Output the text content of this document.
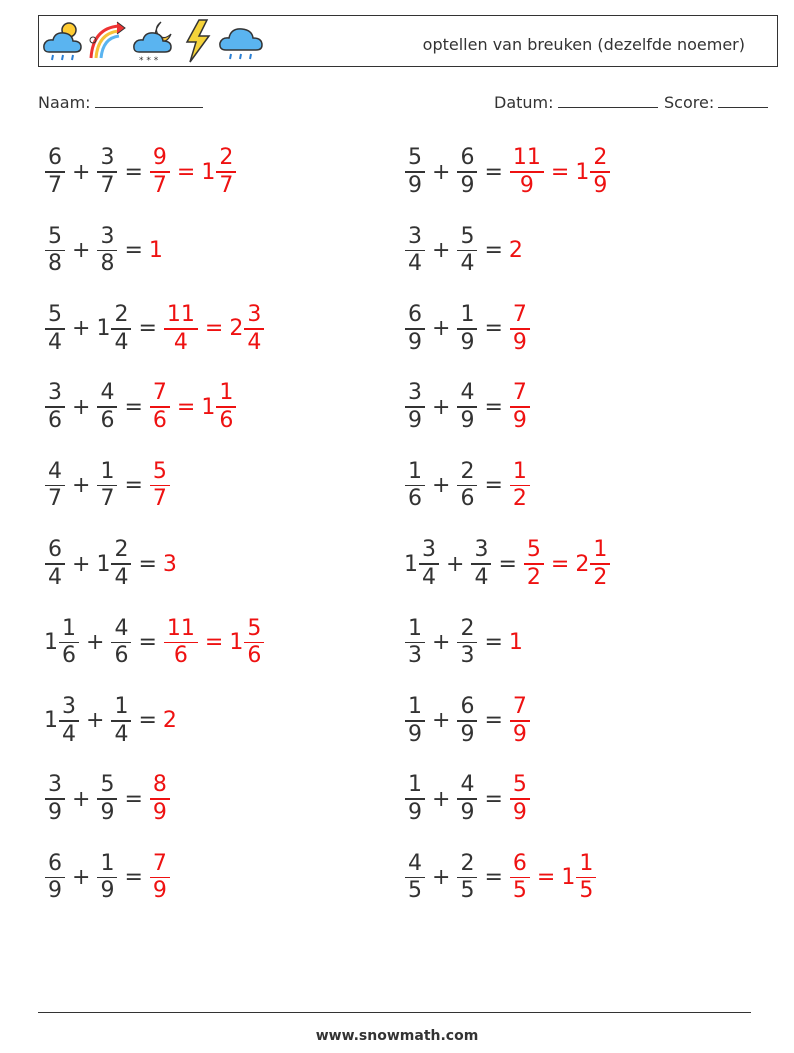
* * *
optellen van breuken (dezelfde noemer)
Naam:	Datum:	Score:
$\frac{6}{7} + \frac{3}{7} = \frac{9}{7} = 1 \frac{2}{7}$	$\frac{5}{9} + \frac{6}{9} = \frac{11}{9} = 1 \frac{2}{9}$
$\frac{5}{8} + \frac{3}{8} = 1$	$\frac{3}{4} + \frac{5}{4} = 2$
$\frac{5}{4} + 1 \frac{2}{4} = \frac{11}{4} = 2 \frac{3}{4}$	$\frac{6}{9} + \frac{1}{9} = \frac{7}{9}$
$\frac{3}{6} + \frac{4}{6} = \frac{7}{6} = 1 \frac{1}{6}$	$\frac{3}{9} + \frac{4}{9} = \frac{7}{9}$
$\frac{4}{7} + \frac{1}{7} = \frac{5}{7}$	$\frac{1}{6} + \frac{2}{6} = \frac{1}{2}$
$\frac{6}{4} + 1 \frac{2}{4} = 3$	$1 \frac{3}{4} + \frac{3}{4} = \frac{5}{2} = 2 \frac{1}{2}$
$1 \frac{1}{6} + \frac{4}{6} = \frac{11}{6} = 1 \frac{5}{6}$	$\frac{1}{3} + \frac{2}{3} = 1$
$1 \frac{3}{4} + \frac{1}{4} = 2$	$\frac{1}{9} + \frac{6}{9} = \frac{7}{9}$
$\frac{3}{9} + \frac{5}{9} = \frac{8}{9}$	$\frac{1}{9} + \frac{4}{9} = \frac{5}{9}$
$\frac{6}{9} + \frac{1}{9} = \frac{7}{9}$	$\frac{4}{5} + \frac{2}{5} = \frac{6}{5} = 1 \frac{1}{5}$
www.snowmath.com
